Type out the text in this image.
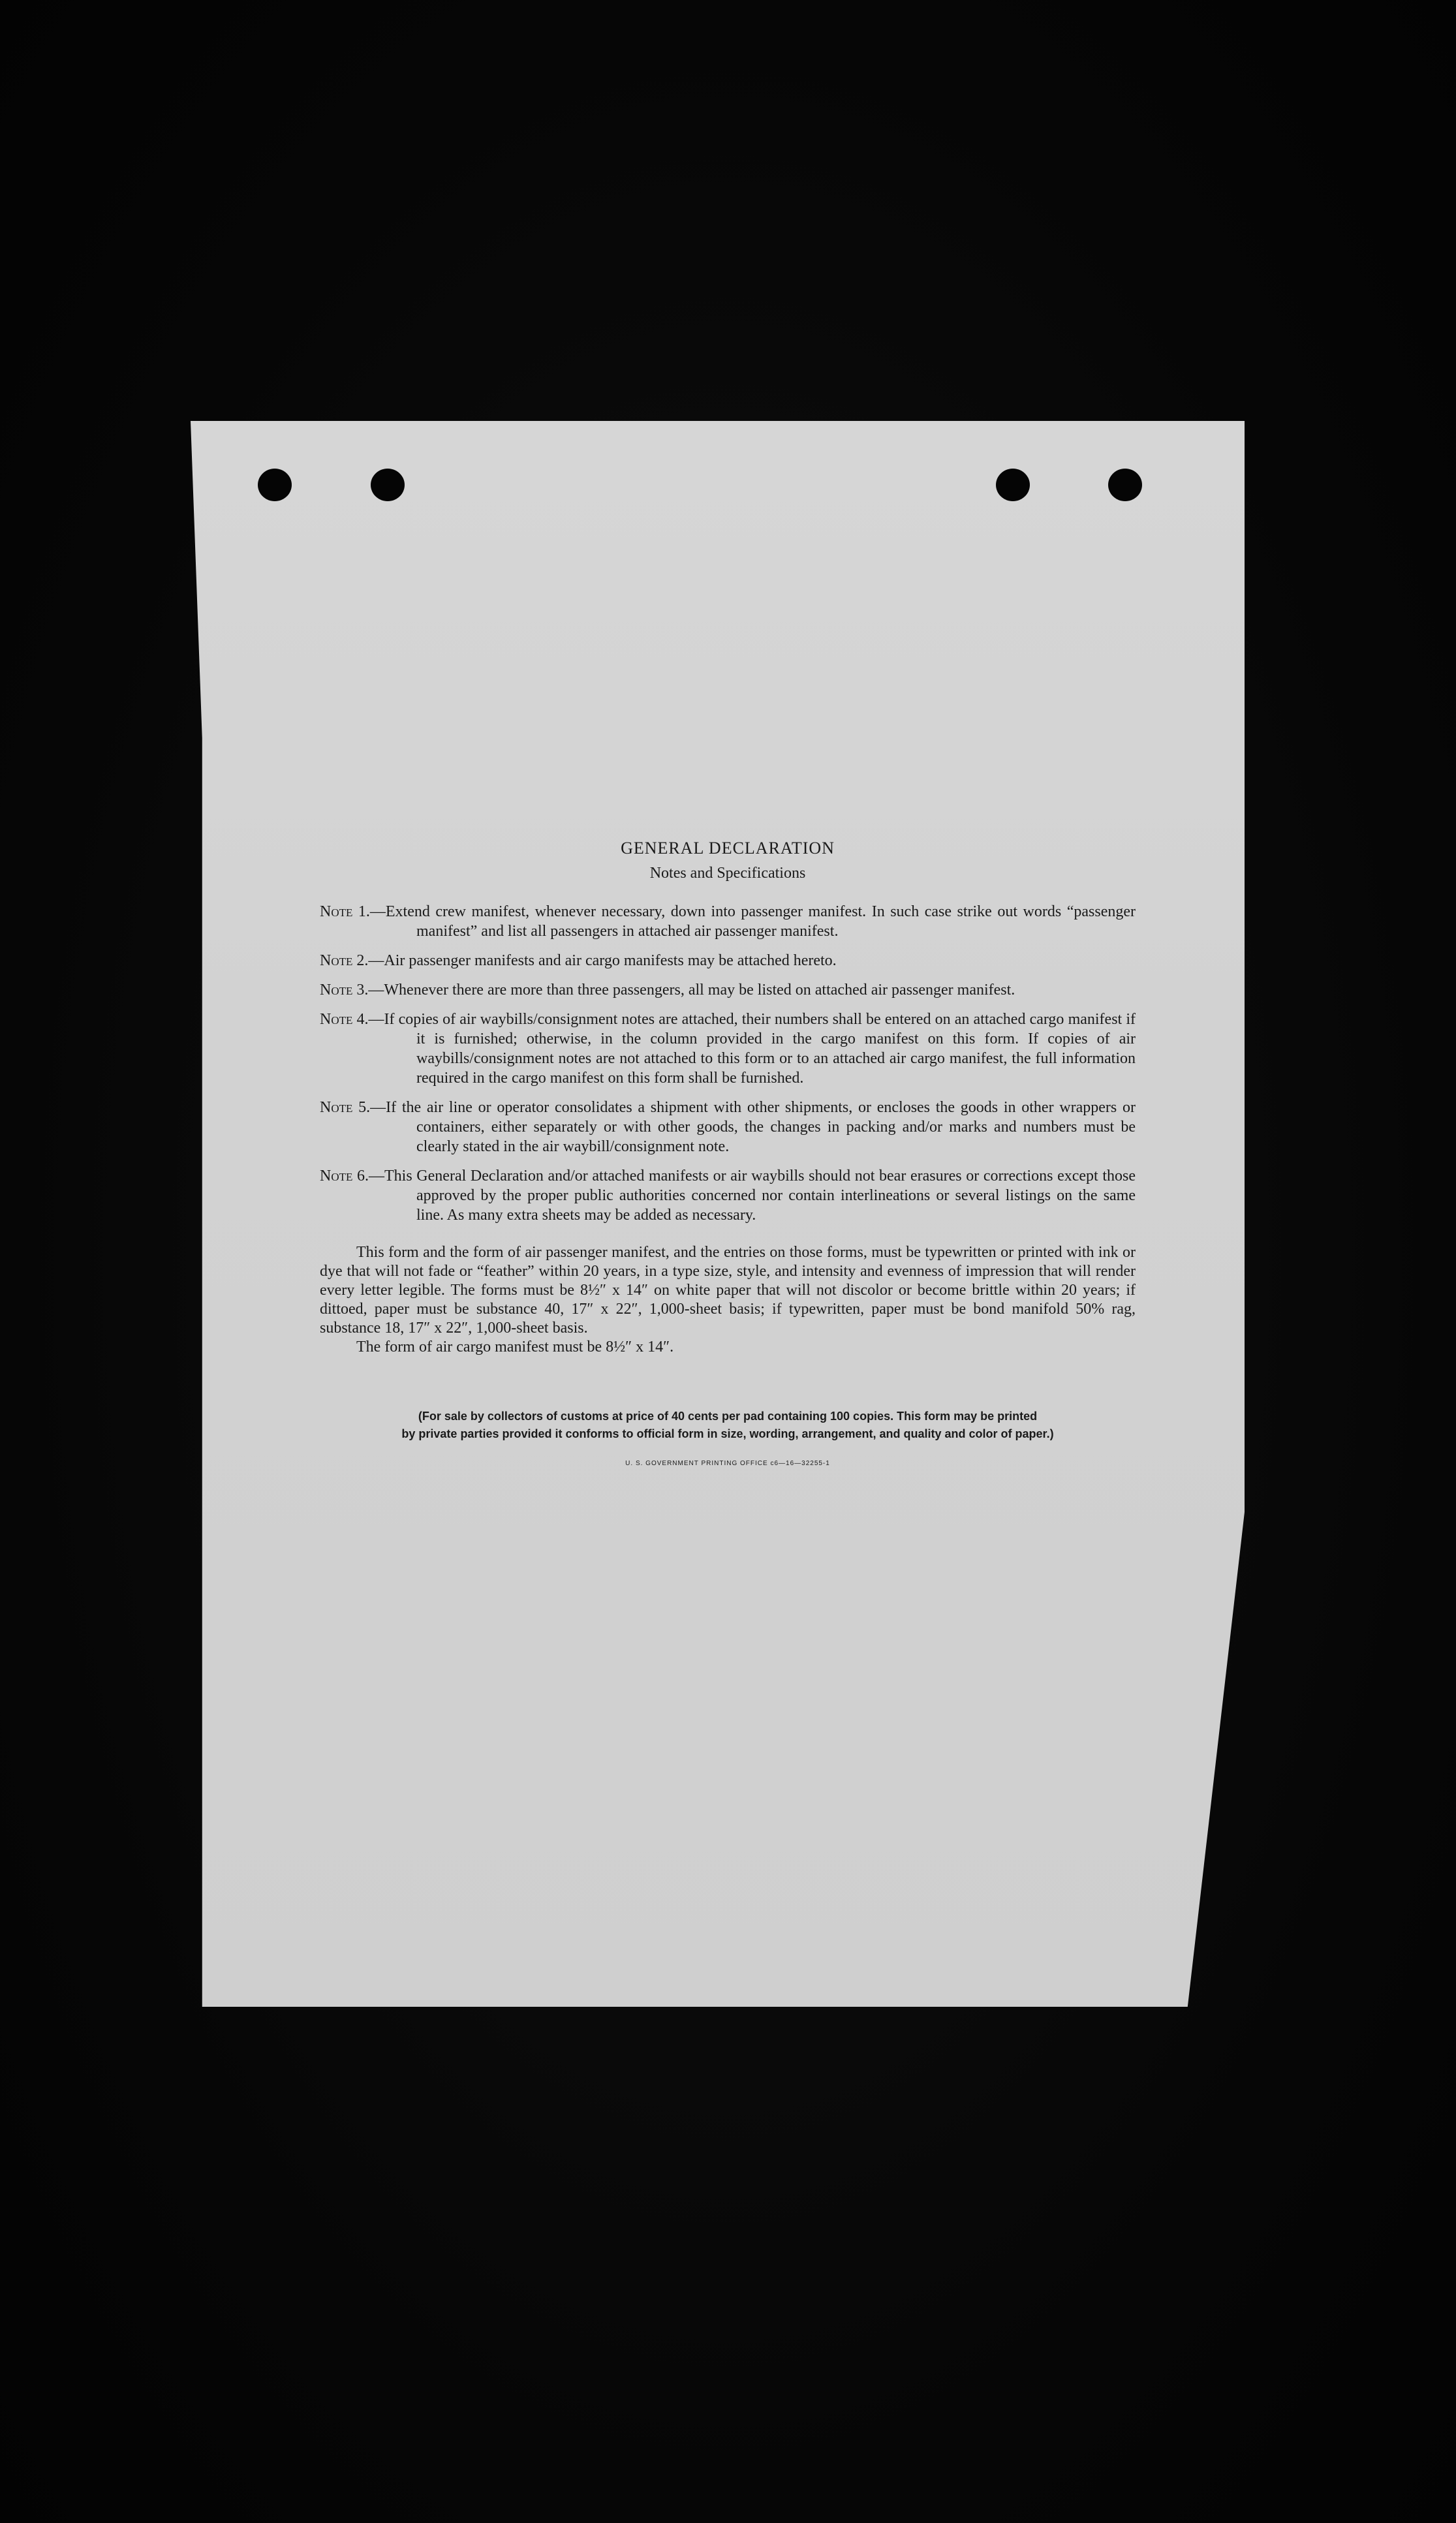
GENERAL DECLARATION
Notes and Specifications
Note 1.—Extend crew manifest, whenever necessary, down into passenger manifest. In such case strike out words “passenger manifest” and list all passengers in attached air passenger manifest.
Note 2.—Air passenger manifests and air cargo manifests may be attached hereto.
Note 3.—Whenever there are more than three passengers, all may be listed on attached air passenger manifest.
Note 4.—If copies of air waybills/consignment notes are attached, their numbers shall be entered on an attached cargo manifest if it is furnished; otherwise, in the column provided in the cargo manifest on this form. If copies of air waybills/consignment notes are not attached to this form or to an attached air cargo manifest, the full information required in the cargo manifest on this form shall be furnished.
Note 5.—If the air line or operator consolidates a shipment with other shipments, or encloses the goods in other wrappers or containers, either separately or with other goods, the changes in packing and/or marks and numbers must be clearly stated in the air waybill/consignment note.
Note 6.—This General Declaration and/or attached manifests or air waybills should not bear erasures or corrections except those approved by the proper public authorities concerned nor contain interlineations or several listings on the same line. As many extra sheets may be added as necessary.

This form and the form of air passenger manifest, and the entries on those forms, must be typewritten or printed with ink or dye that will not fade or “feather” within 20 years, in a type size, style, and intensity and evenness of impression that will render every letter legible. The forms must be 8½″ x 14″ on white paper that will not discolor or become brittle within 20 years; if dittoed, paper must be substance 40, 17″ x 22″, 1,000-sheet basis; if typewritten, paper must be bond manifold 50% rag, substance 18, 17″ x 22″, 1,000-sheet basis.

The form of air cargo manifest must be 8½″ x 14″.

(For sale by collectors of customs at price of 40 cents per pad containing 100 copies. This form may be printed
by private parties provided it conforms to official form in size, wording, arrangement, and quality and color of paper.)
U. S. GOVERNMENT PRINTING OFFICE c6—16—32255-1
